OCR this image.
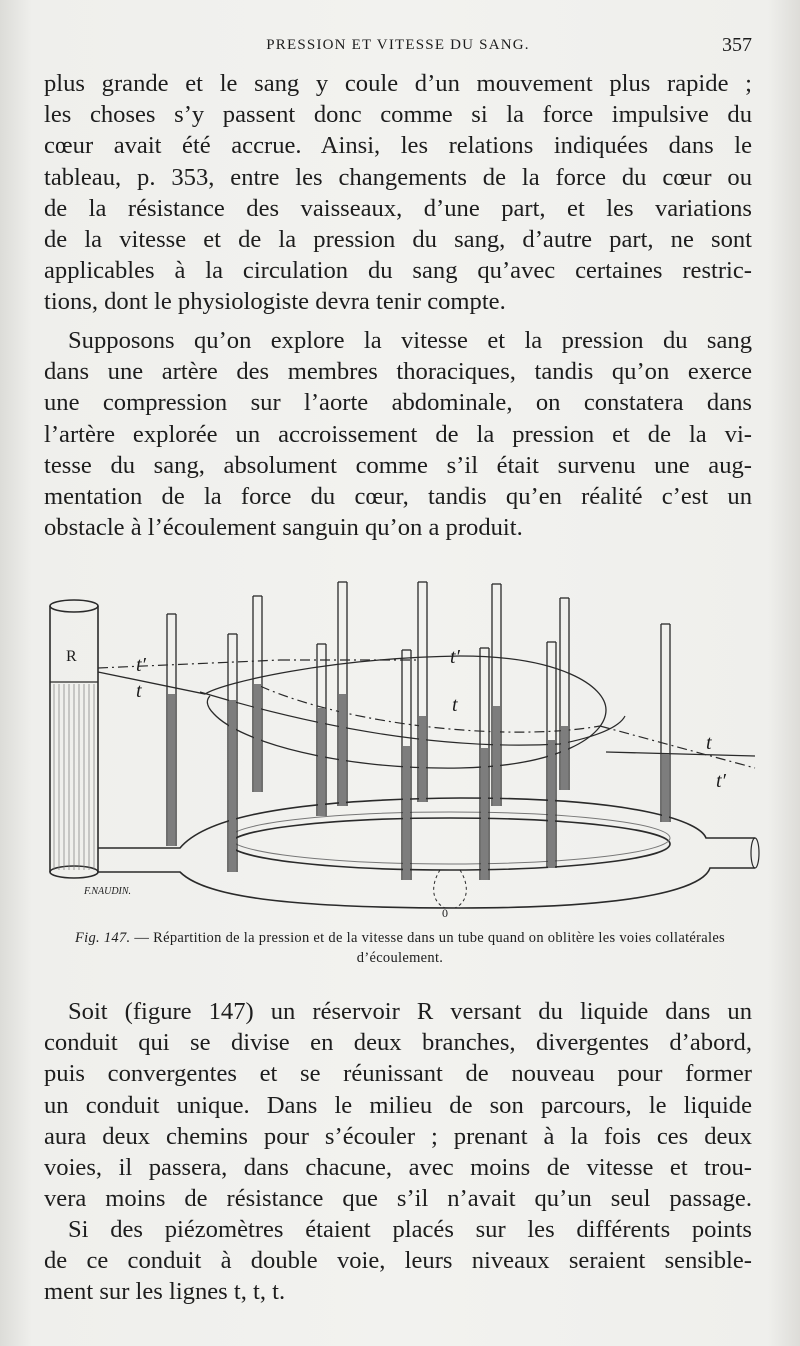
PRESSION ET VITESSE DU SANG.	357
plus grande et le sang y coule d’un mouvement plus rapide ;
les choses s’y passent donc comme si la force impulsive du
cœur avait été accrue. Ainsi, les relations indiquées dans le
tableau, p. 353, entre les changements de la force du cœur ou
de la résistance des vaisseaux, d’une part, et les variations
de la vitesse et de la pression du sang, d’autre part, ne sont
applicables à la circulation du sang qu’avec certaines restric-
tions, dont le physiologiste devra tenir compte.
Supposons qu’on explore la vitesse et la pression du sang
dans une artère des membres thoraciques, tandis qu’on exerce
une compression sur l’aorte abdominale, on constatera dans
l’artère explorée un accroissement de la pression et de la vi-
tesse du sang, absolument comme s’il était survenu une aug-
mentation de la force du cœur, tandis qu’en réalité c’est un
obstacle à l’écoulement sanguin qu’on a produit.
R	t′
t
t′
t
t
t′
F.NAUDIN.
0
Fig. 147. — Répartition de la pression et de la vitesse dans un tube quand on oblitère les voies collatérales d’écoulement.
Soit (figure 147) un réservoir R versant du liquide dans un
conduit qui se divise en deux branches, divergentes d’abord,
puis convergentes et se réunissant de nouveau pour former
un conduit unique. Dans le milieu de son parcours, le liquide
aura deux chemins pour s’écouler ; prenant à la fois ces deux
voies, il passera, dans chacune, avec moins de vitesse et trou-
vera moins de résistance que s’il n’avait qu’un seul passage.
Si des piézomètres étaient placés sur les différents points
de ce conduit à double voie, leurs niveaux seraient sensible-
ment sur les lignes t, t, t.
